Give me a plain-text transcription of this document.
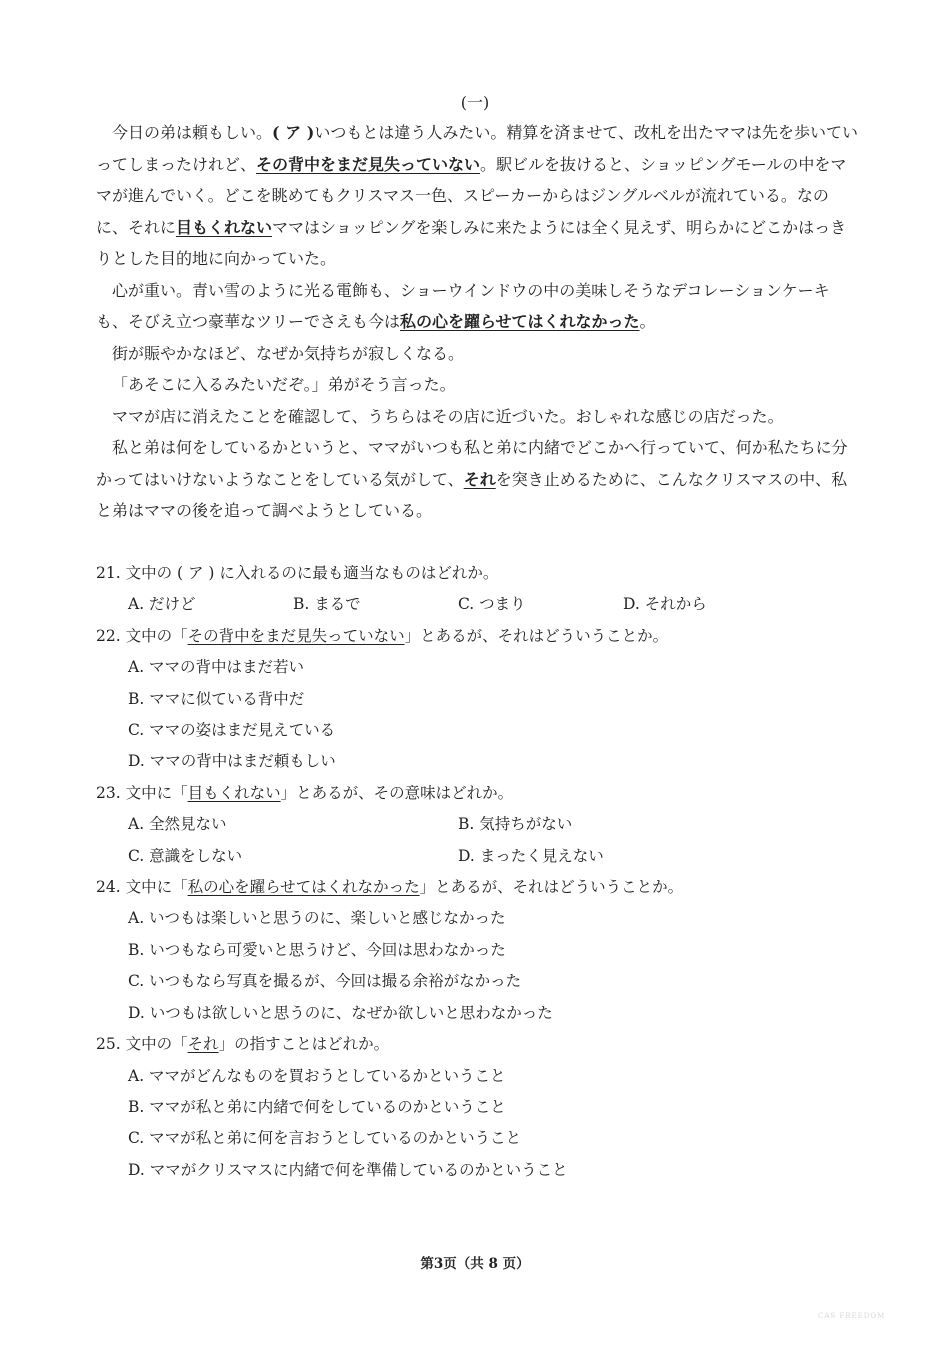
(一)

今日の弟は頼もしい。( ア )いつもとは違う人みたい。精算を済ませて、改札を出たママは先を歩いていってしまったけれど、その背中をまだ見失っていない。駅ビルを抜けると、ショッピングモールの中をママが進んでいく。どこを眺めてもクリスマス一色、スピーカーからはジングルベルが流れている。なのに、それに目もくれないママはショッピングを楽しみに来たようには全く見えず、明らかにどこかはっきりとした目的地に向かっていた。

心が重い。青い雪のように光る電飾も、ショーウインドウの中の美味しそうなデコレーションケーキも、そびえ立つ豪華なツリーでさえも今は私の心を躍らせてはくれなかった。

街が賑やかなほど、なぜか気持ちが寂しくなる。

「あそこに入るみたいだぞ。」弟がそう言った。

ママが店に消えたことを確認して、うちらはその店に近づいた。おしゃれな感じの店だった。

私と弟は何をしているかというと、ママがいつも私と弟に内緒でどこかへ行っていて、何か私たちに分かってはいけないようなことをしている気がして、それを突き止めるために、こんなクリスマスの中、私と弟はママの後を追って調べようとしている。

21. 文中の ( ア ) に入れるのに最も適当なものはどれか。

A. だけど	B. まるで	C. つまり	D. それから

22. 文中の「その背中をまだ見失っていない」とあるが、それはどういうことか。

A. ママの背中はまだ若い

B. ママに似ている背中だ

C. ママの姿はまだ見えている

D. ママの背中はまだ頼もしい

23. 文中に「目もくれない」とあるが、その意味はどれか。

A. 全然見ない	B. 気持ちがない

C. 意識をしない	D. まったく見えない

24. 文中に「私の心を躍らせてはくれなかった」とあるが、それはどういうことか。

A. いつもは楽しいと思うのに、楽しいと感じなかった

B. いつもなら可愛いと思うけど、今回は思わなかった

C. いつもなら写真を撮るが、今回は撮る余裕がなかった

D. いつもは欲しいと思うのに、なぜか欲しいと思わなかった

25. 文中の「それ」の指すことはどれか。

A. ママがどんなものを買おうとしているかということ

B. ママが私と弟に内緒で何をしているのかということ

C. ママが私と弟に何を言おうとしているのかということ

D. ママがクリスマスに内緒で何を準備しているのかということ

第3页（共 8 页）
CAS FREEDOM
